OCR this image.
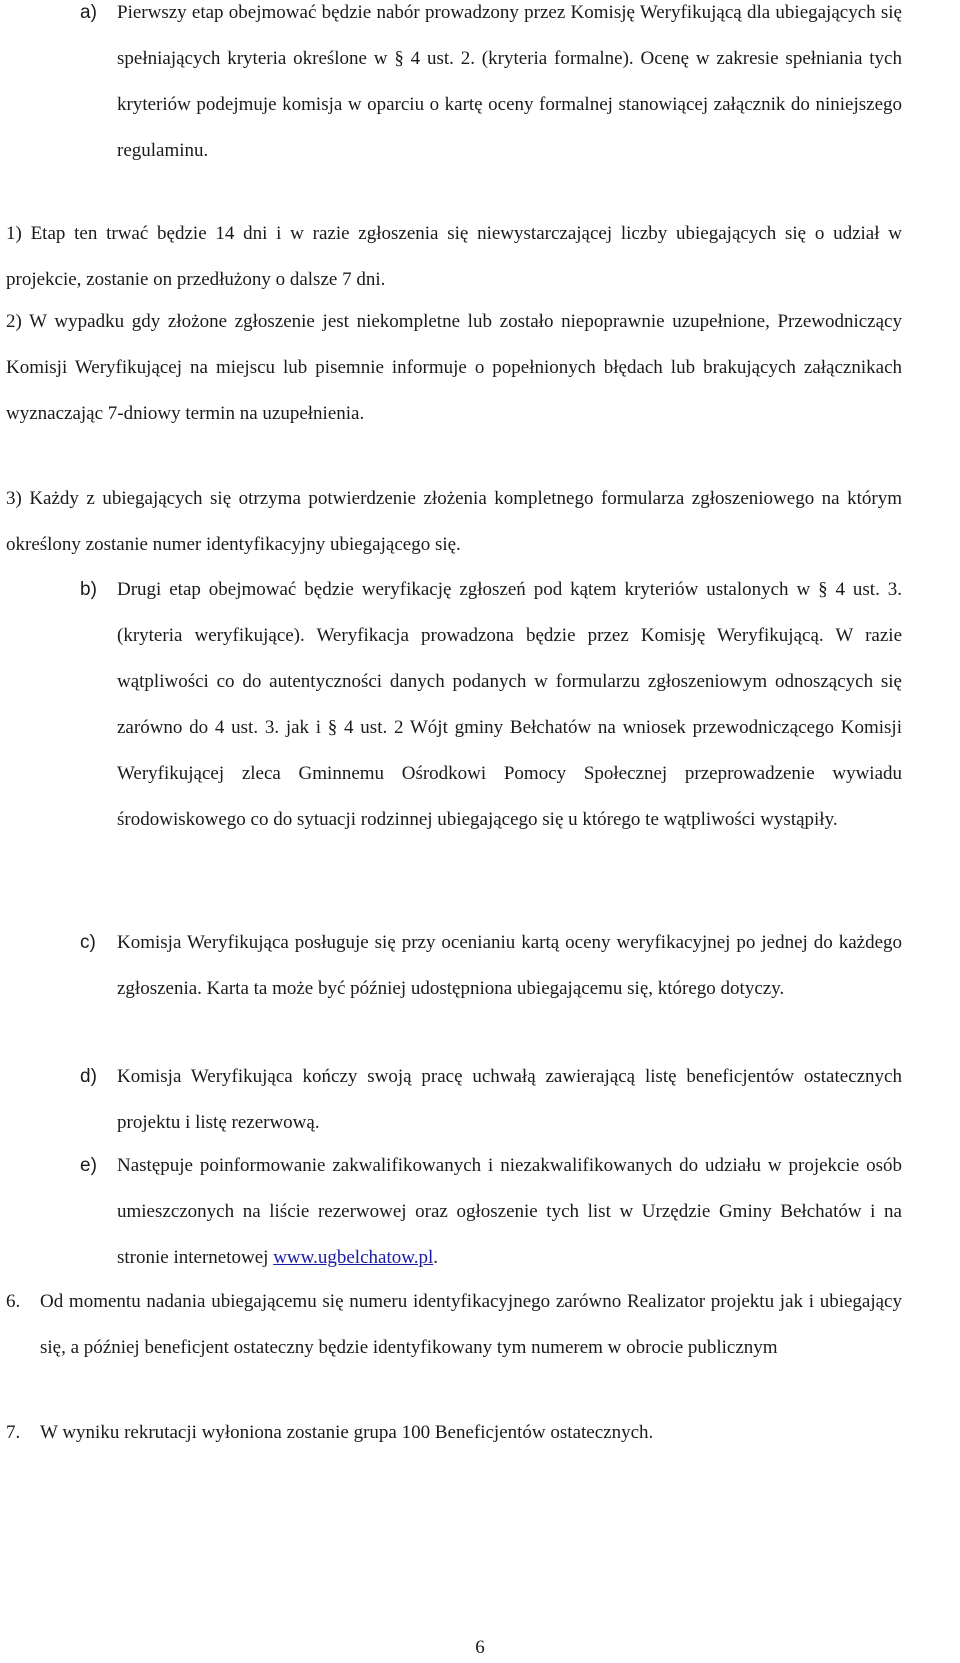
a) Pierwszy etap obejmować będzie nabór prowadzony przez Komisję Weryfikującą dla ubiegających się spełniających kryteria określone w § 4 ust. 2. (kryteria formalne). Ocenę w zakresie spełniania tych kryteriów podejmuje komisja w oparciu o kartę oceny formalnej stanowiącej załącznik do niniejszego regulaminu.

1) Etap ten trwać będzie 14 dni i w razie zgłoszenia się niewystarczającej liczby ubiegających się o udział w projekcie, zostanie on przedłużony o dalsze 7 dni.

2) W wypadku gdy złożone zgłoszenie jest niekompletne lub zostało niepoprawnie uzupełnione, Przewodniczący Komisji Weryfikującej na miejscu lub pisemnie informuje o popełnionych błędach lub brakujących załącznikach wyznaczając 7-dniowy termin na uzupełnienia.

3) Każdy z ubiegających się otrzyma potwierdzenie złożenia kompletnego formularza zgłoszeniowego na którym określony zostanie numer identyfikacyjny ubiegającego się.

b) Drugi etap obejmować będzie weryfikację zgłoszeń pod kątem kryteriów ustalonych w § 4 ust. 3. (kryteria weryfikujące). Weryfikacja prowadzona będzie przez Komisję Weryfikującą. W razie wątpliwości co do autentyczności danych podanych w formularzu zgłoszeniowym odnoszących się zarówno do 4 ust. 3. jak i § 4 ust. 2 Wójt gminy Bełchatów na wniosek przewodniczącego Komisji Weryfikującej zleca Gminnemu Ośrodkowi Pomocy Społecznej przeprowadzenie wywiadu środowiskowego co do sytuacji rodzinnej ubiegającego się u którego te wątpliwości wystąpiły.

c) Komisja Weryfikująca posługuje się przy ocenianiu kartą oceny weryfikacyjnej po jednej do każdego zgłoszenia. Karta ta może być później udostępniona ubiegającemu się, którego dotyczy.

d) Komisja Weryfikująca kończy swoją pracę uchwałą zawierającą listę beneficjentów ostatecznych projektu i listę rezerwową.

e) Następuje poinformowanie zakwalifikowanych i niezakwalifikowanych do udziału w projekcie osób umieszczonych na liście rezerwowej oraz ogłoszenie tych list w Urzędzie Gminy Bełchatów i na stronie internetowej www.ugbelchatow.pl.

6. Od momentu nadania ubiegającemu się numeru identyfikacyjnego zarówno Realizator projektu jak i ubiegający się, a później beneficjent ostateczny będzie identyfikowany tym numerem w obrocie publicznym

7. W wyniku rekrutacji wyłoniona zostanie grupa 100 Beneficjentów ostatecznych.

6
